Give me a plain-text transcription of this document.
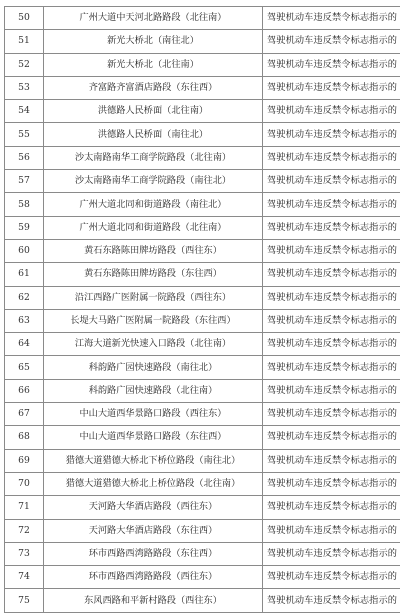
50	广州大道中天河北路路段（北往南）	驾驶机动车违反禁令标志指示的
51	新光大桥北（南往北）	驾驶机动车违反禁令标志指示的
52	新光大桥北（北往南）	驾驶机动车违反禁令标志指示的
53	齐富路齐富酒店路段（东往西）	驾驶机动车违反禁令标志指示的
54	洪德路人民桥面（北往南）	驾驶机动车违反禁令标志指示的
55	洪德路人民桥面（南往北）	驾驶机动车违反禁令标志指示的
56	沙太南路南华工商学院路段（北往南）	驾驶机动车违反禁令标志指示的
57	沙太南路南华工商学院路段（南往北）	驾驶机动车违反禁令标志指示的
58	广州大道北同和街道路段（南往北）	驾驶机动车违反禁令标志指示的
59	广州大道北同和街道路段（北往南）	驾驶机动车违反禁令标志指示的
60	黄石东路陈田牌坊路段（西往东）	驾驶机动车违反禁令标志指示的
61	黄石东路陈田牌坊路段（东往西）	驾驶机动车违反禁令标志指示的
62	沿江西路广医附属一院路段（西往东）	驾驶机动车违反禁令标志指示的
63	长堤大马路广医附属一院路段（东往西）	驾驶机动车违反禁令标志指示的
64	江海大道新光快速入口路段（北往南）	驾驶机动车违反禁令标志指示的
65	科韵路广园快速路段（南往北）	驾驶机动车违反禁令标志指示的
66	科韵路广园快速路段（北往南）	驾驶机动车违反禁令标志指示的
67	中山大道西华景路口路段（西往东）	驾驶机动车违反禁令标志指示的
68	中山大道西华景路口路段（东往西）	驾驶机动车违反禁令标志指示的
69	猎德大道猎德大桥北下桥位路段（南往北）	驾驶机动车违反禁令标志指示的
70	猎德大道猎德大桥北上桥位路段（北往南）	驾驶机动车违反禁令标志指示的
71	天河路大华酒店路段（西往东）	驾驶机动车违反禁令标志指示的
72	天河路大华酒店路段（东往西）	驾驶机动车违反禁令标志指示的
73	环市西路西湾路路段（东往西）	驾驶机动车违反禁令标志指示的
74	环市西路西湾路路段（西往东）	驾驶机动车违反禁令标志指示的
75	东风西路和平新村路段（西往东）	驾驶机动车违反禁令标志指示的
